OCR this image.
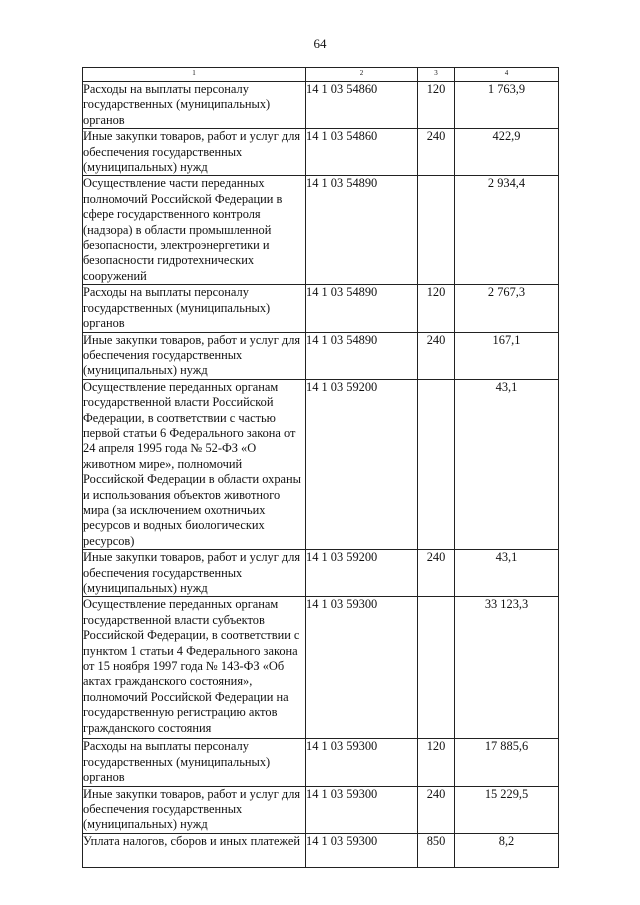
64
1	2	3	4
Расходы на выплаты персоналу государственных (муниципальных) органов	14 1 03 54860	120	1 763,9
Иные закупки товаров, работ и услуг для обеспечения государственных (муниципальных) нужд	14 1 03 54860	240	422,9
Осуществление части переданных полномочий Российской Федерации в сфере государственного контроля (надзора) в области промышленной безопасности, электроэнергетики и безопасности гидротехнических сооружений	14 1 03 54890		2 934,4
Расходы на выплаты персоналу государственных (муниципальных) органов	14 1 03 54890	120	2 767,3
Иные закупки товаров, работ и услуг для обеспечения государственных (муниципальных) нужд	14 1 03 54890	240	167,1
Осуществление переданных органам государственной власти Российской Федерации, в соответствии с частью первой статьи 6 Федерального закона от 24 апреля 1995 года № 52-ФЗ «О животном мире», полномочий Российской Федерации в области охраны и использования объектов животного мира (за исключением охотничьих ресурсов и водных биологических ресурсов)	14 1 03 59200		43,1
Иные закупки товаров, работ и услуг для обеспечения государственных (муниципальных) нужд	14 1 03 59200	240	43,1
Осуществление переданных органам государственной власти субъектов Российской Федерации, в соответствии с пунктом 1 статьи 4 Федерального закона от 15 ноября 1997 года № 143-ФЗ «Об актах гражданского состояния», полномочий Российской Федерации на государственную регистрацию актов гражданского состояния	14 1 03 59300		33 123,3
Расходы на выплаты персоналу государственных (муниципальных) органов	14 1 03 59300	120	17 885,6
Иные закупки товаров, работ и услуг для обеспечения государственных (муниципальных) нужд	14 1 03 59300	240	15 229,5
Уплата налогов, сборов и иных платежей	14 1 03 59300	850	8,2
